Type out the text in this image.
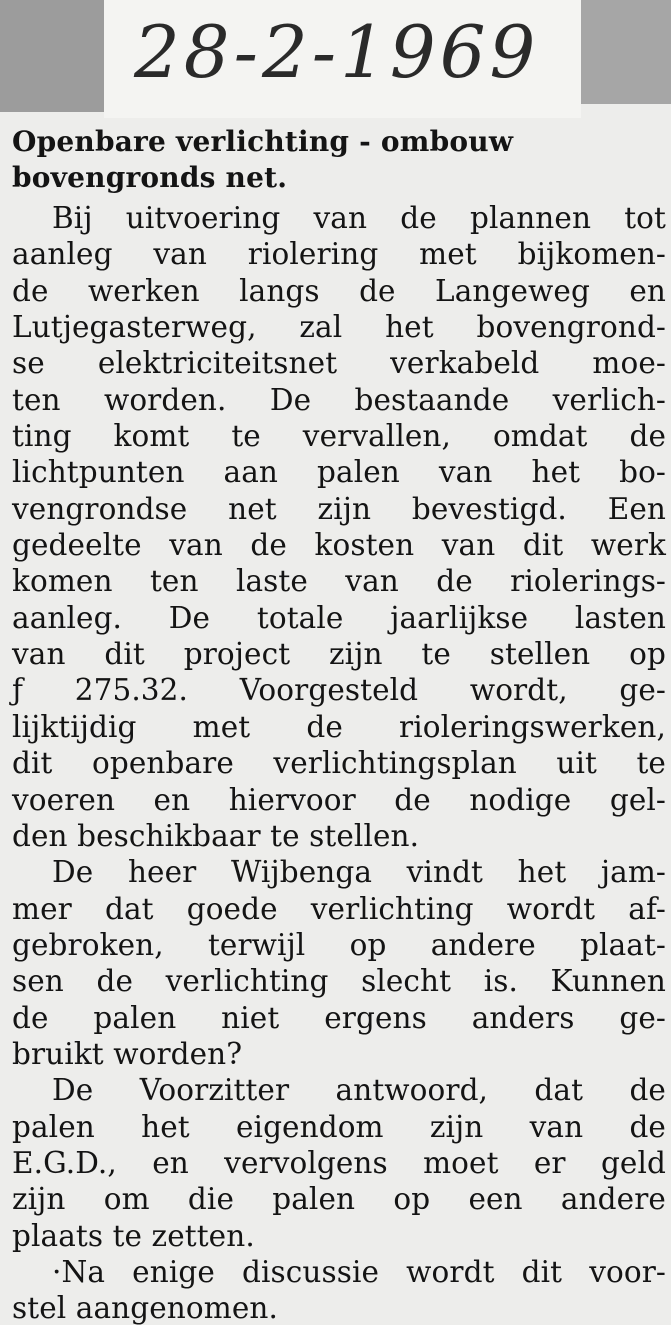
28-2-1969
Openbare verlichting - ombouw
bovengronds net.
Bij uitvoering van de plannen tot
aanleg van riolering met bijkomen-
de werken langs de Langeweg en
Lutjegasterweg, zal het bovengrond-
se elektriciteitsnet verkabeld moe-
ten worden. De bestaande verlich-
ting komt te vervallen, omdat de
lichtpunten aan palen van het bo-
vengrondse net zijn bevestigd. Een
gedeelte van de kosten van dit werk
komen ten laste van de riolerings-
aanleg. De totale jaarlijkse lasten
van dit project zijn te stellen op
ƒ 275.32. Voorgesteld wordt, ge-
lijktijdig met de rioleringswerken,
dit openbare verlichtingsplan uit te
voeren en hiervoor de nodige gel-
den beschikbaar te stellen.
De heer Wijbenga vindt het jam-
mer dat goede verlichting wordt af-
gebroken, terwijl op andere plaat-
sen de verlichting slecht is. Kunnen
de palen niet ergens anders ge-
bruikt worden?
De Voorzitter antwoord, dat de
palen het eigendom zijn van de
E.G.D., en vervolgens moet er geld
zijn om die palen op een andere
plaats te zetten.
·Na enige discussie wordt dit voor-
stel aangenomen.
